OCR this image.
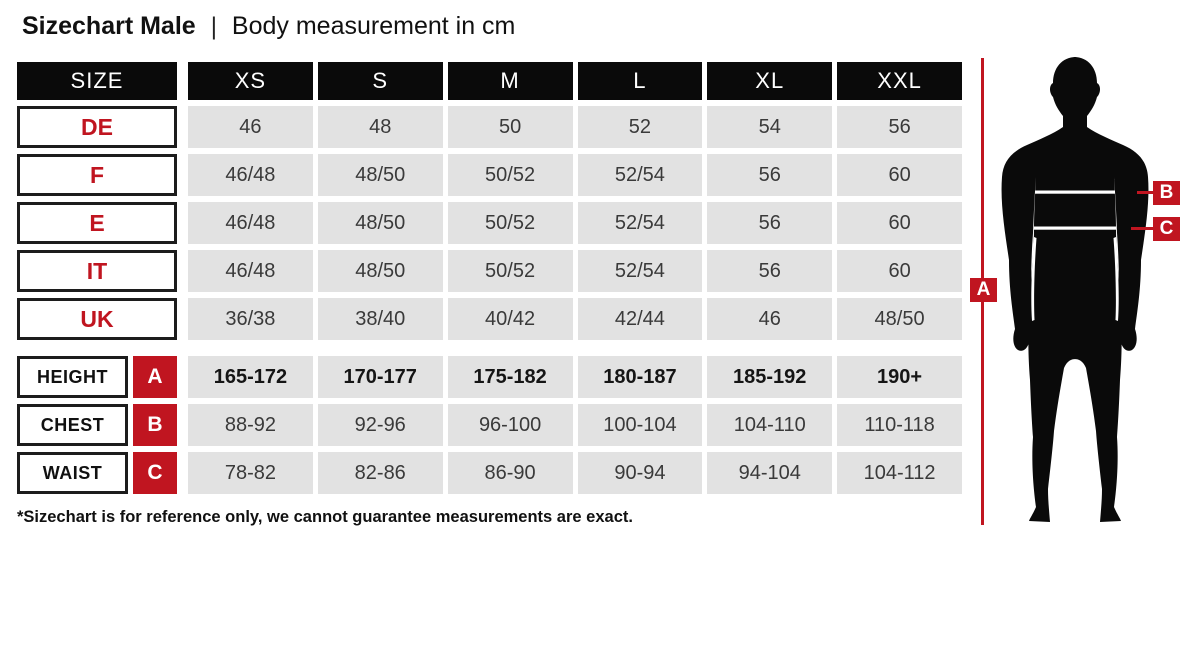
Sizechart Male | Body measurement in cm
SIZE	XS	S	M	L	XL	XXL
DE	46	48	50	52	54	56
F	46/48	48/50	50/52	52/54	56	60
E	46/48	48/50	50/52	52/54	56	60
IT	46/48	48/50	50/52	52/54	56	60
UK	36/38	38/40	40/42	42/44	46	48/50
HEIGHT	A	165-172	170-177	175-182	180-187	185-192	190+
CHEST	B	88-92	92-96	96-100	100-104	104-110	110-118
WAIST	C	78-82	82-86	86-90	90-94	94-104	104-112
*Sizechart is for reference only, we cannot guarantee measurements are exact.
A
B
C
